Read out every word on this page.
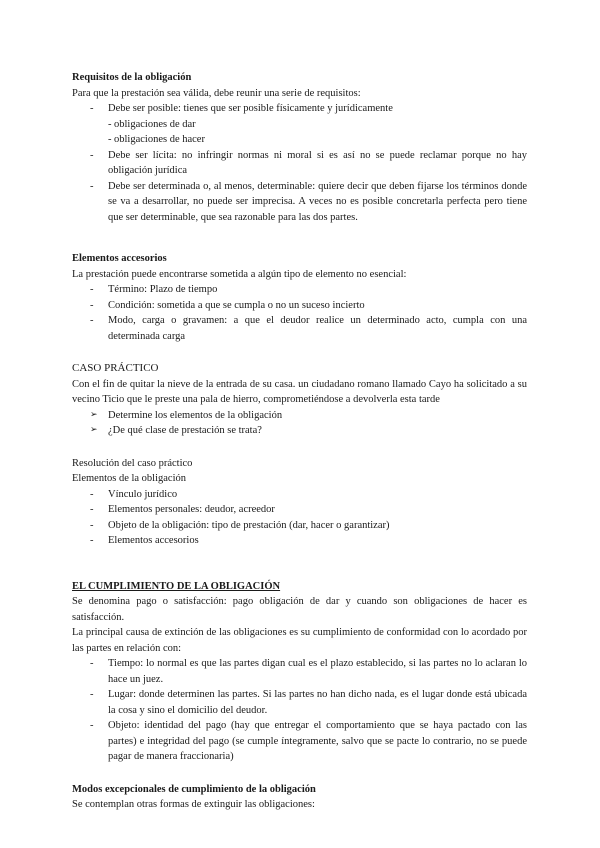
Requisitos de la obligación

Para que la prestación sea válida, debe reunir una serie de requisitos:

- Debe ser posible: tienes que ser posible físicamente y jurídicamente
- obligaciones de dar
- obligaciones de hacer
- Debe ser lícita: no infringir normas ni moral si es así no se puede reclamar porque no hay obligación jurídica
- Debe ser determinada o, al menos, determinable: quiere decir que deben fijarse los términos donde se va a desarrollar, no puede ser imprecisa. A veces no es posible concretarla perfecta pero tiene que ser determinable, que sea razonable para las dos partes.

Elementos accesorios

La prestación puede encontrarse sometida a algún tipo de elemento no esencial:

- Término: Plazo de tiempo
- Condición: sometida a que se cumpla o no un suceso incierto
- Modo, carga o gravamen: a que el deudor realice un determinado acto, cumpla con una determinada carga

CASO PRÁCTICO

Con el fin de quitar la nieve de la entrada de su casa. un ciudadano romano llamado Cayo ha solicitado a su vecino Ticio que le preste una pala de hierro, comprometiéndose a devolverla esta tarde

➢ Determine los elementos de la obligación
➢ ¿De qué clase de prestación se trata?

Resolución del caso práctico

Elementos de la obligación

- Vínculo jurídico
- Elementos personales: deudor, acreedor
- Objeto de la obligación: tipo de prestación (dar, hacer o garantizar)
- Elementos accesorios

EL CUMPLIMIENTO DE LA OBLIGACIÓN

Se denomina pago o satisfacción: pago obligación de dar y cuando son obligaciones de hacer es satisfacción.

La principal causa de extinción de las obligaciones es su cumplimiento de conformidad con lo acordado por las partes en relación con:

- Tiempo: lo normal es que las partes digan cual es el plazo establecido, si las partes no lo aclaran lo hace un juez.
- Lugar: donde determinen las partes. Si las partes no han dicho nada, es el lugar donde está ubicada la cosa y sino el domicilio del deudor.
- Objeto: identidad del pago (hay que entregar el comportamiento que se haya pactado con las partes) e integridad del pago (se cumple íntegramente, salvo que se pacte lo contrario, no se puede pagar de manera fraccionaria)

Modos excepcionales de cumplimiento de la obligación

Se contemplan otras formas de extinguir las obligaciones:
